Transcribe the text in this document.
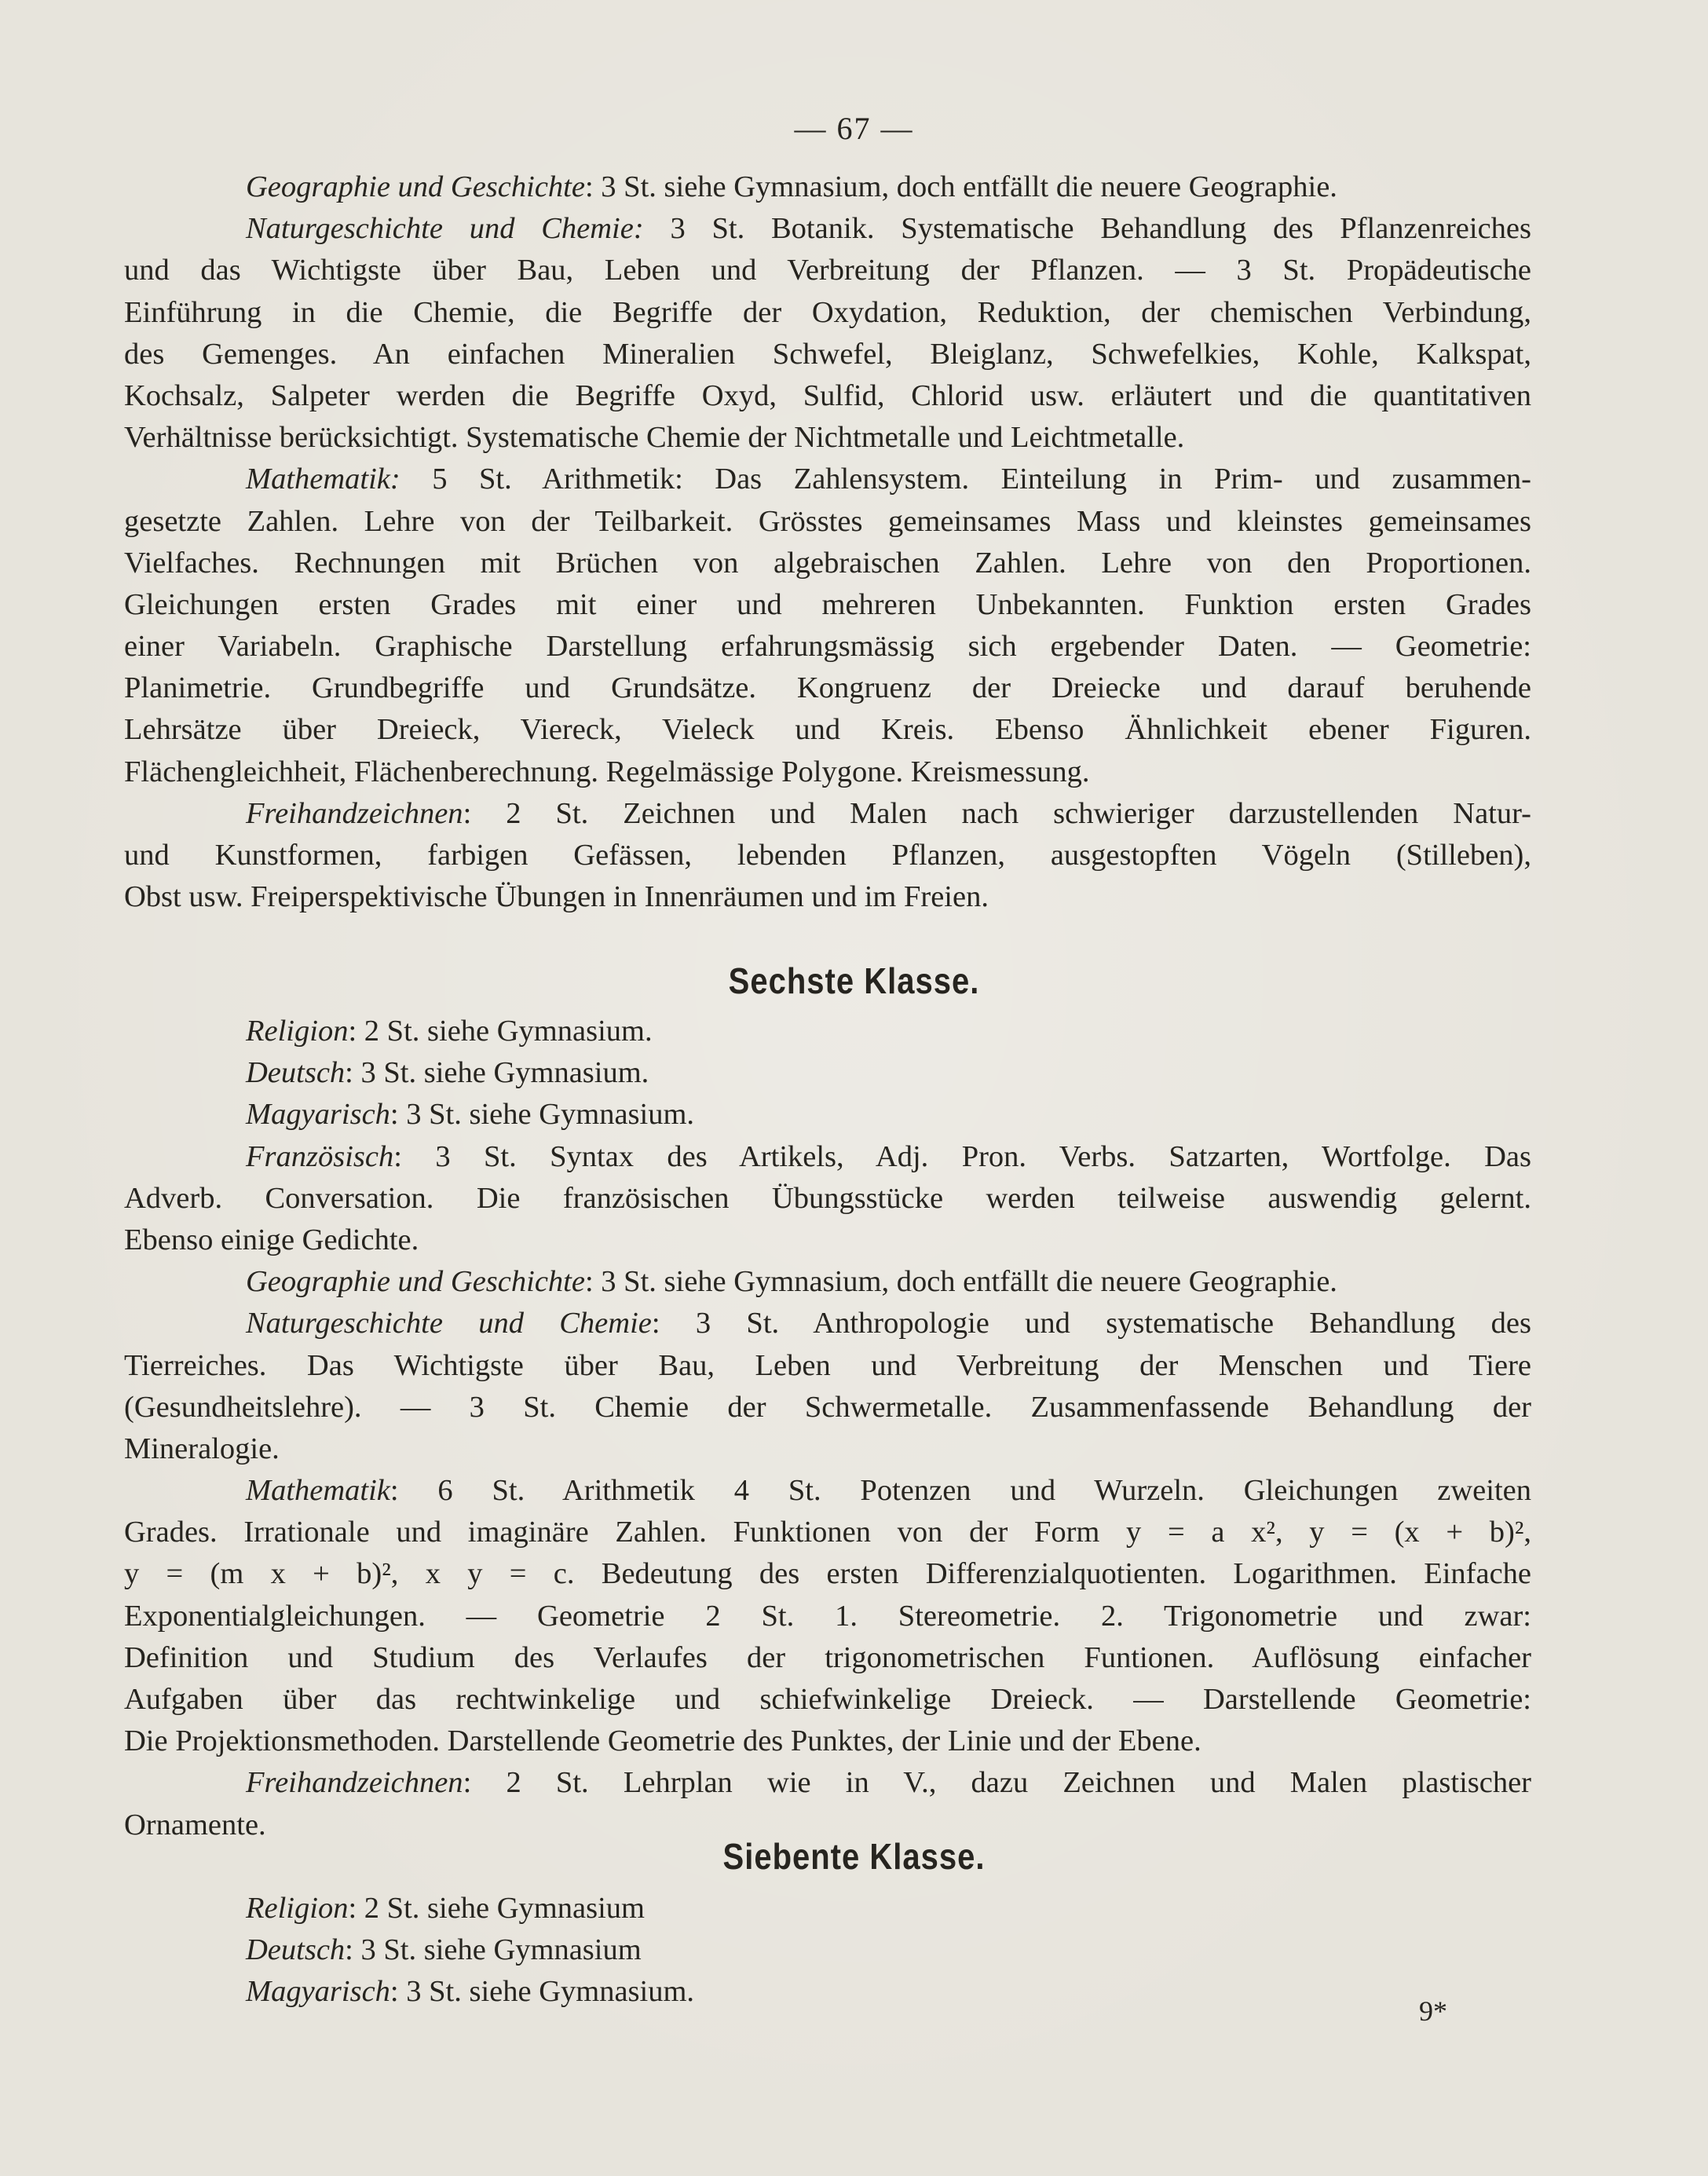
— 67 —
Geographie und Geschichte: 3 St. siehe Gymnasium, doch entfällt die neuere Geographie.
Naturgeschichte und Chemie: 3 St. Botanik. Systematische Behandlung des Pflanzenreiches
und das Wichtigste über Bau, Leben und Verbreitung der Pflanzen. — 3 St. Propädeutische
Einführung in die Chemie, die Begriffe der Oxydation, Reduktion, der chemischen Verbindung,
des Gemenges. An einfachen Mineralien Schwefel, Bleiglanz, Schwefelkies, Kohle, Kalkspat,
Kochsalz, Salpeter werden die Begriffe Oxyd, Sulfid, Chlorid usw. erläutert und die quantitativen
Verhältnisse berücksichtigt. Systematische Chemie der Nichtmetalle und Leichtmetalle.
Mathematik: 5 St. Arithmetik: Das Zahlensystem. Einteilung in Prim- und zusammen-
gesetzte Zahlen. Lehre von der Teilbarkeit. Grösstes gemeinsames Mass und kleinstes gemeinsames
Vielfaches. Rechnungen mit Brüchen von algebraischen Zahlen. Lehre von den Proportionen.
Gleichungen ersten Grades mit einer und mehreren Unbekannten. Funktion ersten Grades
einer Variabeln. Graphische Darstellung erfahrungsmässig sich ergebender Daten. — Geometrie:
Planimetrie. Grundbegriffe und Grundsätze. Kongruenz der Dreiecke und darauf beruhende
Lehrsätze über Dreieck, Viereck, Vieleck und Kreis. Ebenso Ähnlichkeit ebener Figuren.
Flächengleichheit, Flächenberechnung. Regelmässige Polygone. Kreismessung.
Freihandzeichnen: 2 St. Zeichnen und Malen nach schwieriger darzustellenden Natur-
und Kunstformen, farbigen Gefässen, lebenden Pflanzen, ausgestopften Vögeln (Stilleben),
Obst usw. Freiperspektivische Übungen in Innenräumen und im Freien.
Sechste Klasse.
Religion: 2 St. siehe Gymnasium.
Deutsch: 3 St. siehe Gymnasium.
Magyarisch: 3 St. siehe Gymnasium.
Französisch: 3 St. Syntax des Artikels, Adj. Pron. Verbs. Satzarten, Wortfolge. Das
Adverb. Conversation. Die französischen Übungsstücke werden teilweise auswendig gelernt.
Ebenso einige Gedichte.
Geographie und Geschichte: 3 St. siehe Gymnasium, doch entfällt die neuere Geographie.
Naturgeschichte und Chemie: 3 St. Anthropologie und systematische Behandlung des
Tierreiches. Das Wichtigste über Bau, Leben und Verbreitung der Menschen und Tiere
(Gesundheitslehre). — 3 St. Chemie der Schwermetalle. Zusammenfassende Behandlung der
Mineralogie.
Mathematik: 6 St. Arithmetik 4 St. Potenzen und Wurzeln. Gleichungen zweiten
Grades. Irrationale und imaginäre Zahlen. Funktionen von der Form y = a x², y = (x + b)²,
y = (m x + b)², x y = c. Bedeutung des ersten Differenzialquotienten. Logarithmen. Einfache
Exponentialgleichungen. — Geometrie 2 St. 1. Stereometrie. 2. Trigonometrie und zwar:
Definition und Studium des Verlaufes der trigonometrischen Funtionen. Auflösung einfacher
Aufgaben über das rechtwinkelige und schiefwinkelige Dreieck. — Darstellende Geometrie:
Die Projektionsmethoden. Darstellende Geometrie des Punktes, der Linie und der Ebene.
Freihandzeichnen: 2 St. Lehrplan wie in V., dazu Zeichnen und Malen plastischer
Ornamente.
Siebente Klasse.
Religion: 2 St. siehe Gymnasium
Deutsch: 3 St. siehe Gymnasium
Magyarisch: 3 St. siehe Gymnasium.
9*
